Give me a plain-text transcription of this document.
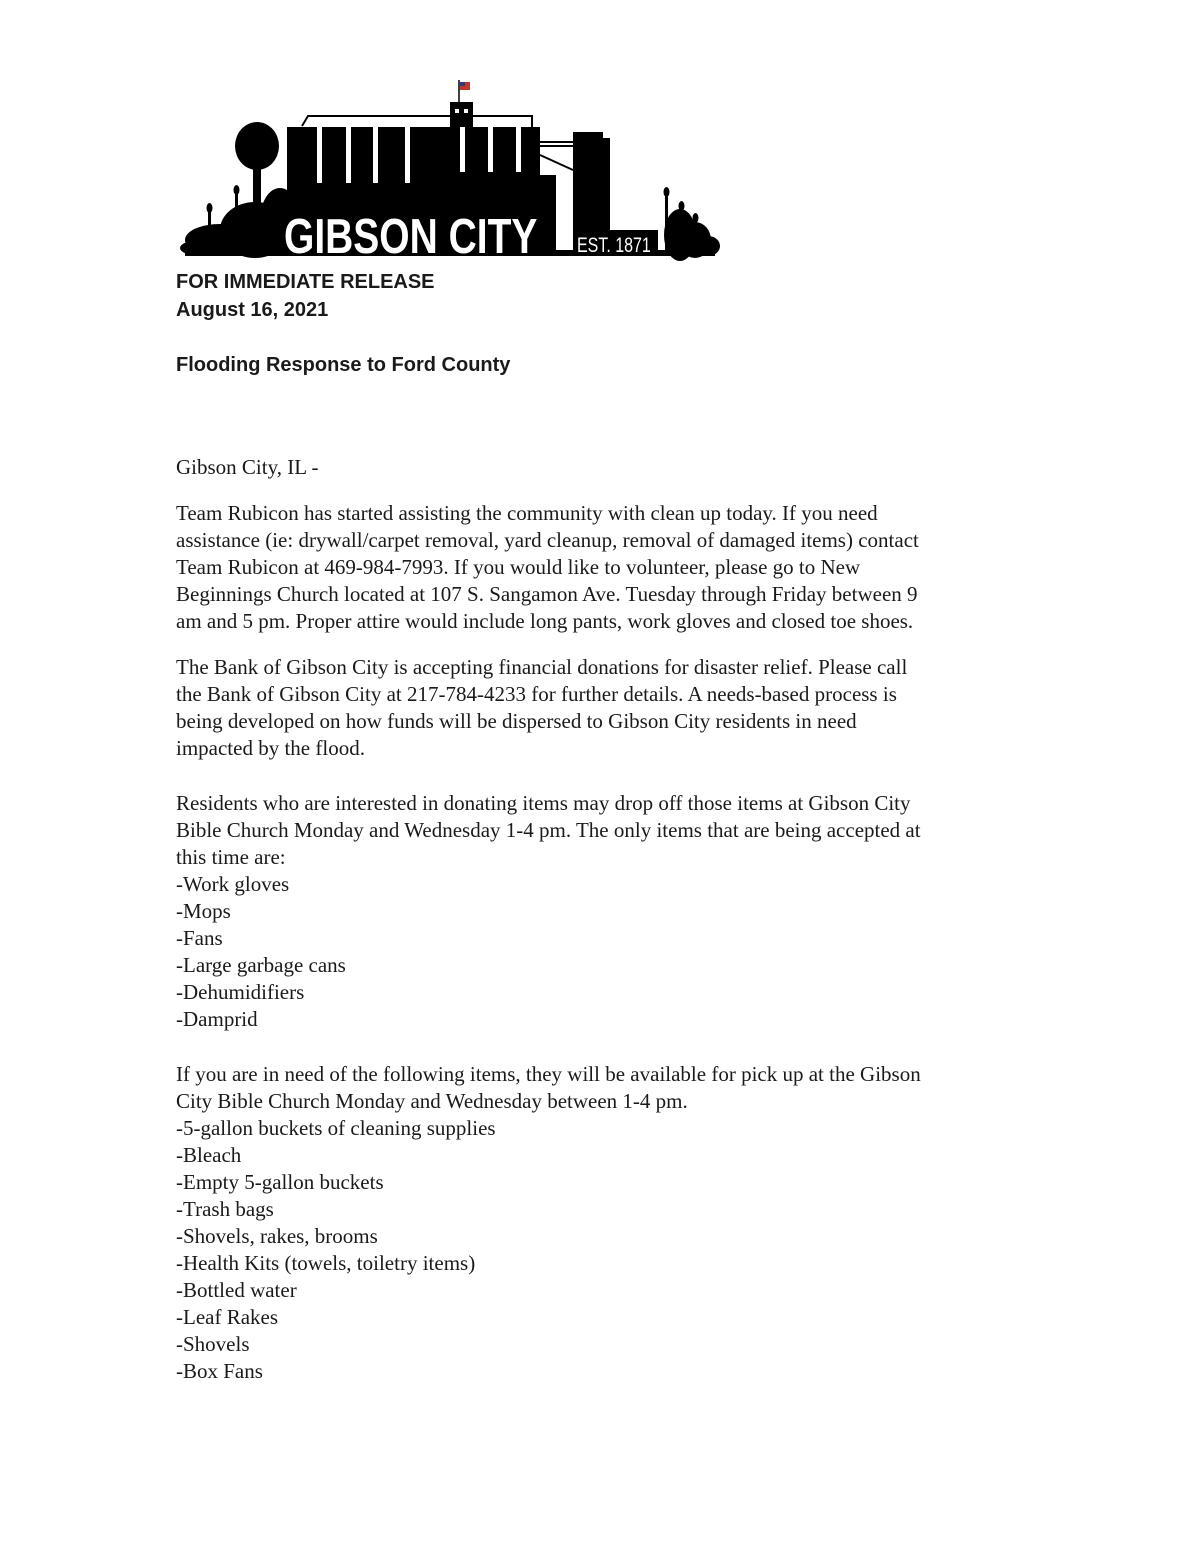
GIBSON CITY EST. 1871
FOR IMMEDIATE RELEASE
August 16, 2021
Flooding Response to Ford County
Gibson City, IL -
Team Rubicon has started assisting the community with clean up today. If you need
assistance (ie: drywall/carpet removal, yard cleanup, removal of damaged items) contact
Team Rubicon at 469-984-7993. If you would like to volunteer, please go to New
Beginnings Church located at 107 S. Sangamon Ave. Tuesday through Friday between 9
am and 5 pm. Proper attire would include long pants, work gloves and closed toe shoes.
The Bank of Gibson City is accepting financial donations for disaster relief. Please call
the Bank of Gibson City at 217-784-4233 for further details. A needs-based process is
being developed on how funds will be dispersed to Gibson City residents in need
impacted by the flood.
Residents who are interested in donating items may drop off those items at Gibson City
Bible Church Monday and Wednesday 1-4 pm. The only items that are being accepted at
this time are:
-Work gloves
-Mops
-Fans
-Large garbage cans
-Dehumidifiers
-Damprid
If you are in need of the following items, they will be available for pick up at the Gibson
City Bible Church Monday and Wednesday between 1-4 pm.
-5-gallon buckets of cleaning supplies
-Bleach
-Empty 5-gallon buckets
-Trash bags
-Shovels, rakes, brooms
-Health Kits (towels, toiletry items)
-Bottled water
-Leaf Rakes
-Shovels
-Box Fans
